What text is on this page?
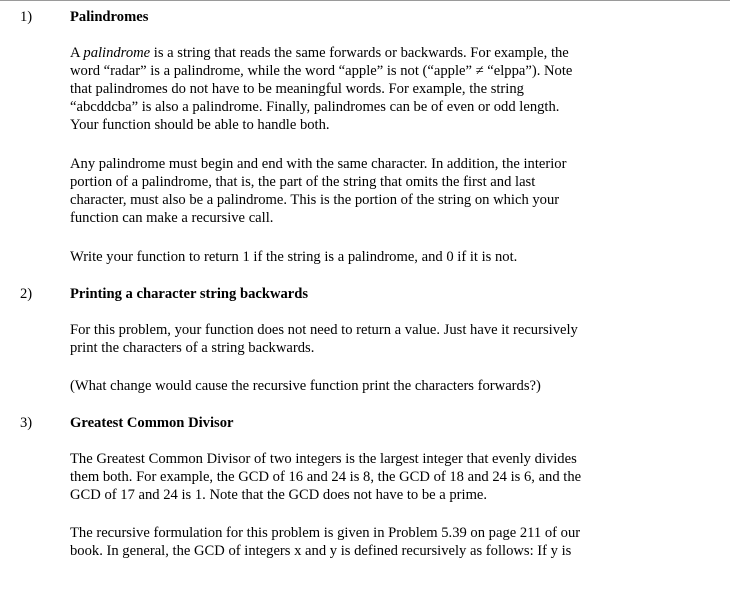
1)	Palindromes
A palindrome is a string that reads the same forwards or backwards. For example, the
word “radar” is a palindrome, while the word “apple” is not (“apple” ≠ “elppa”). Note
that palindromes do not have to be meaningful words. For example, the string
“abcddcba” is also a palindrome. Finally, palindromes can be of even or odd length.
Your function should be able to handle both.
Any palindrome must begin and end with the same character. In addition, the interior
portion of a palindrome, that is, the part of the string that omits the first and last
character, must also be a palindrome. This is the portion of the string on which your
function can make a recursive call.
Write your function to return 1 if the string is a palindrome, and 0 if it is not.
2)	Printing a character string backwards
For this problem, your function does not need to return a value. Just have it recursively
print the characters of a string backwards.
(What change would cause the recursive function print the characters forwards?)
3)	Greatest Common Divisor
The Greatest Common Divisor of two integers is the largest integer that evenly divides
them both. For example, the GCD of 16 and 24 is 8, the GCD of 18 and 24 is 6, and the
GCD of 17 and 24 is 1. Note that the GCD does not have to be a prime.
The recursive formulation for this problem is given in Problem 5.39 on page 211 of our
book. In general, the GCD of integers x and y is defined recursively as follows: If y is
